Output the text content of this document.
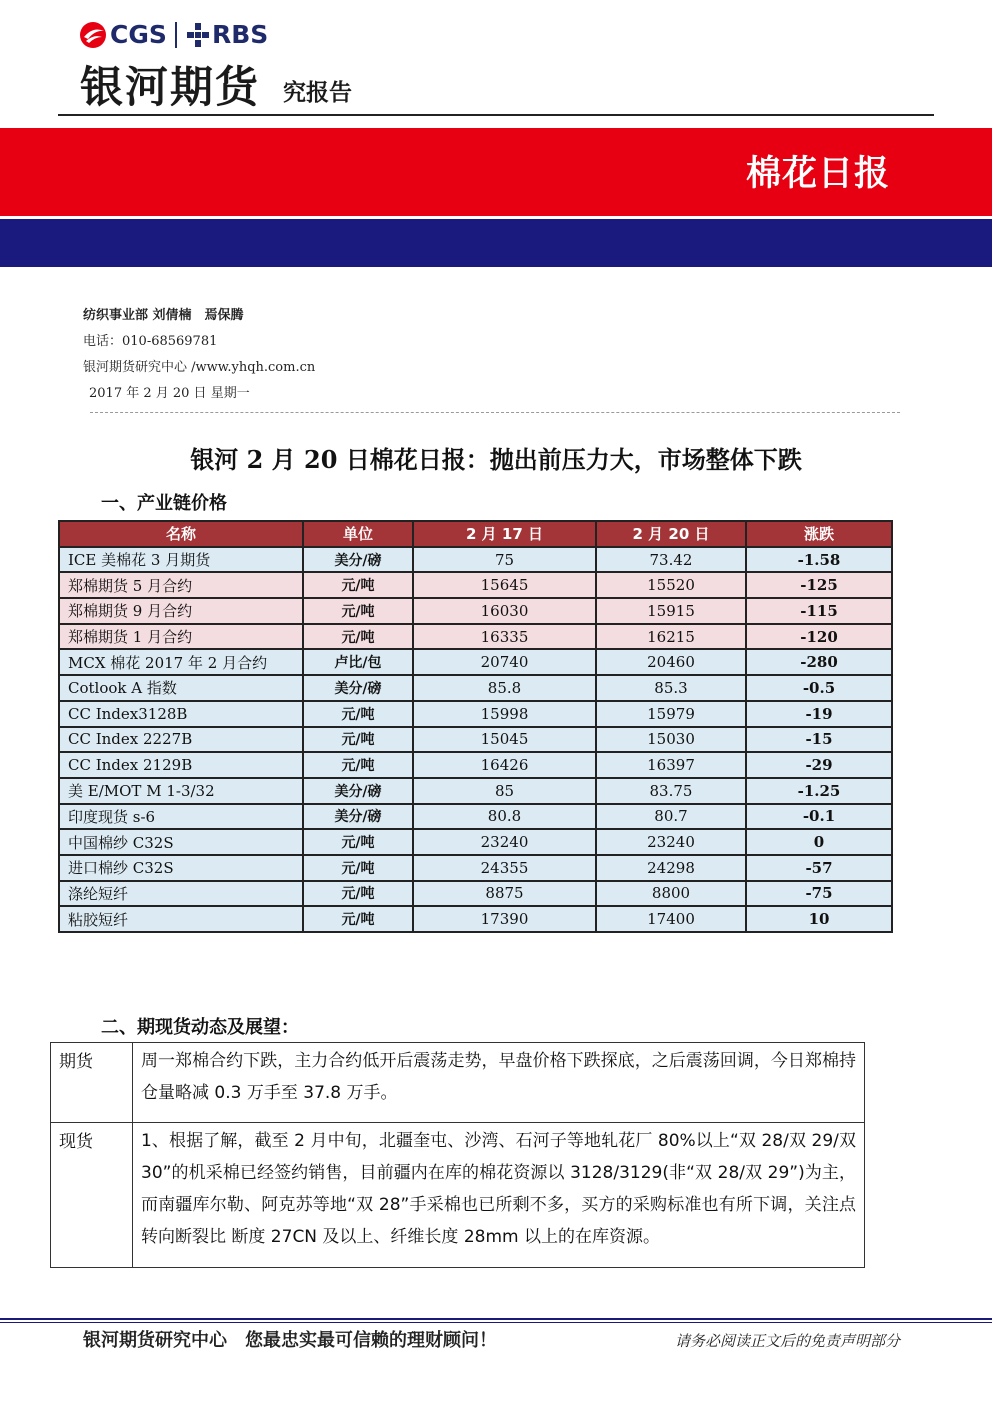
CGS RBS
银河期货 究报告
棉花日报
纺织事业部 刘倩楠　焉保腾
电话：010-68569781
银河期货研究中心 /www.yhqh.com.cn
2017 年 2 月 20 日 星期一
银河 2 月 20 日棉花日报：抛出前压力大，市场整体下跌
一、产业链价格
名称	单位	2 月 17 日	2 月 20 日	涨跌
ICE 美棉花 3 月期货	美分/磅	75	73.42	-1.58
郑棉期货 5 月合约	元/吨	15645	15520	-125
郑棉期货 9 月合约	元/吨	16030	15915	-115
郑棉期货 1 月合约	元/吨	16335	16215	-120
MCX 棉花 2017 年 2 月合约	卢比/包	20740	20460	-280
Cotlook A 指数	美分/磅	85.8	85.3	-0.5
CC Index3128B	元/吨	15998	15979	-19
CC Index 2227B	元/吨	15045	15030	-15
CC Index 2129B	元/吨	16426	16397	-29
美 E/MOT M 1-3/32	美分/磅	85	83.75	-1.25
印度现货 s-6	美分/磅	80.8	80.7	-0.1
中国棉纱 C32S	元/吨	23240	23240	0
进口棉纱 C32S	元/吨	24355	24298	-57
涤纶短纤	元/吨	8875	8800	-75
粘胶短纤	元/吨	17390	17400	10
二、期现货动态及展望：
期货	周一郑棉合约下跌，主力合约低开后震荡走势，早盘价格下跌探底，之后震荡回调，今日郑棉持仓量略减 0.3 万手至 37.8 万手。
现货	1、根据了解，截至 2 月中旬，北疆奎屯、沙湾、石河子等地轧花厂 80%以上“双 28/双 29/双 30”的机采棉已经签约销售，目前疆内在库的棉花资源以 3128/3129(非“双 28/双 29”)为主，而南疆库尔勒、阿克苏等地“双 28”手采棉也已所剩不多，买方的采购标准也有所下调，关注点转向断裂比 断度 27CN 及以上、纤维长度 28mm 以上的在库资源。
银河期货研究中心　您最忠实最可信赖的理财顾问！	请务必阅读正文后的免责声明部分
